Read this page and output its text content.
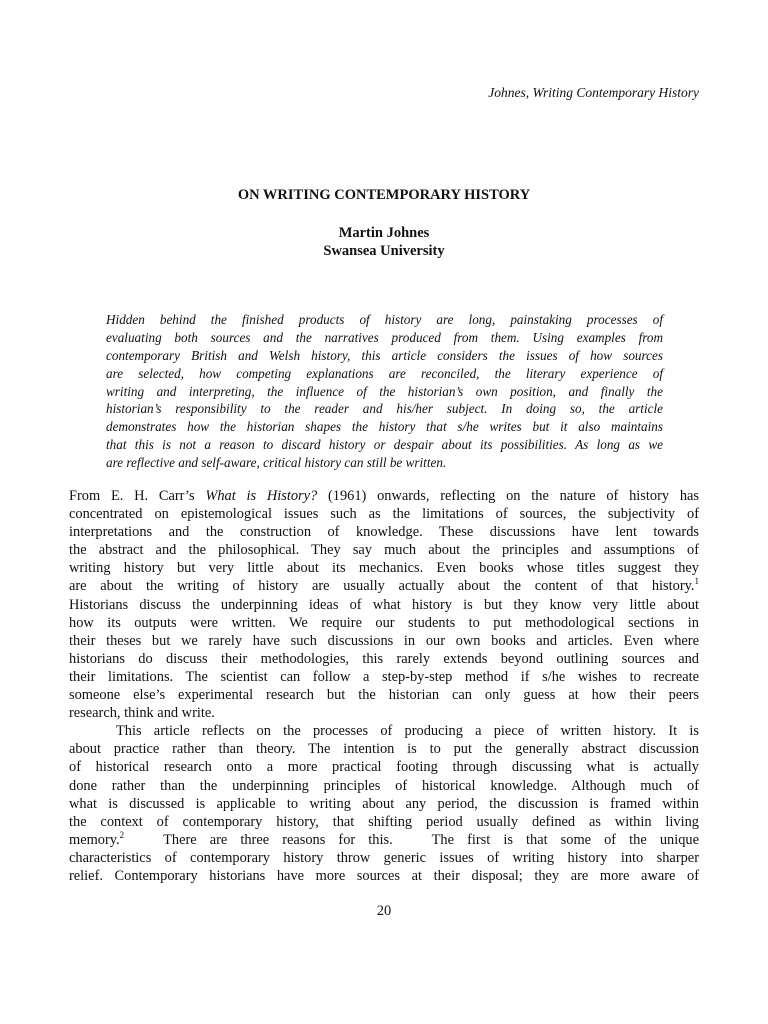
Johnes, Writing Contemporary History
ON WRITING CONTEMPORARY HISTORY
Martin Johnes
Swansea University
Hidden behind the finished products of history are long, painstaking processes of
evaluating both sources and the narratives produced from them. Using examples from
contemporary British and Welsh history, this article considers the issues of how sources
are selected, how competing explanations are reconciled, the literary experience of
writing and interpreting, the influence of the historian’s own position, and finally the
historian’s responsibility to the reader and his/her subject. In doing so, the article
demonstrates how the historian shapes the history that s/he writes but it also maintains
that this is not a reason to discard history or despair about its possibilities. As long as we
are reflective and self-aware, critical history can still be written.
From E. H. Carr’s What is History? (1961) onwards, reflecting on the nature of history has
concentrated on epistemological issues such as the limitations of sources, the subjectivity of
interpretations and the construction of knowledge. These discussions have lent towards
the abstract and the philosophical. They say much about the principles and assumptions of
writing history but very little about its mechanics. Even books whose titles suggest they
are about the writing of history are usually actually about the content of that history.$^1$
Historians discuss the underpinning ideas of what history is but they know very little about
how its outputs were written. We require our students to put methodological sections in
their theses but we rarely have such discussions in our own books and articles. Even where
historians do discuss their methodologies, this rarely extends beyond outlining sources and
their limitations. The scientist can follow a step-by-step method if s/he wishes to recreate
someone else’s experimental research but the historian can only guess at how their peers
research, think and write.
This article reflects on the processes of producing a piece of written history. It is
about practice rather than theory. The intention is to put the generally abstract discussion
of historical research onto a more practical footing through discussing what is actually
done rather than the underpinning principles of historical knowledge. Although much of
what is discussed is applicable to writing about any period, the discussion is framed within
the context of contemporary history, that shifting period usually defined as within living
memory.$^2$   There are three reasons for this.   The first is that some of the unique
characteristics of contemporary history throw generic issues of writing history into sharper
relief. Contemporary historians have more sources at their disposal; they are more aware of
20
